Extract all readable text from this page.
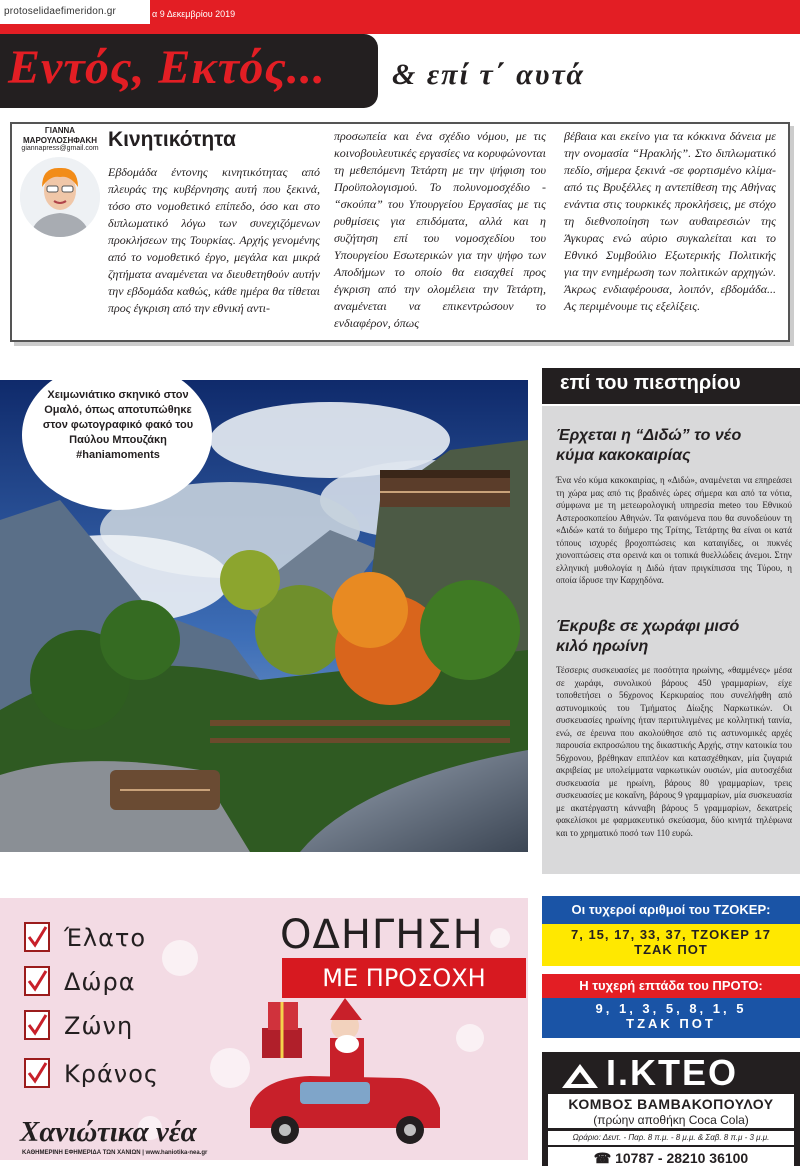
protoselidaefimeridon.gr	α 9 Δεκεμβρίου 2019
Εντός, Εκτός... & επί τ΄ αυτά
ΓΙΑΝΝΑ ΜΑΡΟΥΛΟΣΗΦΑΚΗ
giannapress@gmail.com Κινητικότητα

Εβδομάδα έντονης κινητικότητας από πλευράς της κυβέρνησης αυτή που ξεκινά, τόσο στο νομοθετικό επίπεδο, όσο και στο διπλωματικό λόγω των συνεχιζόμενων προκλήσεων της Τουρκίας. Αρχής γενομένης από το νομοθετικό έργο, μεγάλα και μικρά ζητήματα αναμένεται να διευθετηθούν αυτήν την εβδομάδα καθώς, κάθε ημέρα θα τίθεται προς έγκριση από την εθνική αντι-

προσωπεία και ένα σχέδιο νόμου, με τις κοινοβουλευτικές εργασίες να κορυφώνονται τη μεθεπόμενη Τετάρτη με την ψήφιση του Προϋπολογισμού. Το πολυνομοσχέδιο - “σκούπα” του Υπουργείου Εργασίας με τις ρυθμίσεις για επιδόματα, αλλά και η συζήτηση επί του νομοσχεδίου του Υπουργείου Εσωτερικών για την ψήφο των Αποδήμων το οποίο θα εισαχθεί προς έγκριση από την ολομέλεια την Τετάρτη, αναμένεται να επικεντρώσουν το ενδιαφέρον, όπως

βέβαια και εκείνο για τα κόκκινα δάνεια με την ονομασία “Ηρακλής”. Στο διπλωματικό πεδίο, σήμερα ξεκινά -σε φορτισμένο κλίμα- από τις Βρυξέλλες η αντεπίθεση της Αθήνας ενάντια στις τουρκικές προκλήσεις, με στόχο τη διεθνοποίηση των αυθαιρεσιών της Άγκυρας ενώ αύριο συγκαλείται και το Εθνικό Συμβούλιο Εξωτερικής Πολιτικής για την ενημέρωση των πολιτικών αρχηγών. Άκρως ενδιαφέρουσα, λοιπόν, εβδομάδα... Ας περιμένουμε τις εξελίξεις.

Χειμωνιάτικο σκηνικό στον Ομαλό, όπως αποτυπώθηκε στον φωτογραφικό φακό του Παύλου Μπουζάκη #haniamoments
επί του πιεστηρίου
Έρχεται η “Διδώ” το νέο κύμα κακοκαιρίας

Ένα νέο κύμα κακοκαιρίας, η «Διδώ», αναμένεται να επηρεάσει τη χώρα μας από τις βραδινές ώρες σήμερα και από τα νότια, σύμφωνα με τη μετεωρολογική υπηρεσία meteo του Εθνικού Αστεροσκοπείου Αθηνών. Τα φαινόμενα που θα συνοδεύουν τη «Διδώ» κατά το διήμερο της Τρίτης, Τετάρτης θα είναι οι κατά τόπους ισχυρές βροχοπτώσεις και καταιγίδες, οι πυκνές χιονοπτώσεις στα ορεινά και οι τοπικά θυελλώδεις άνεμοι. Στην ελληνική μυθολογία η Διδώ ήταν πριγκίπισσα της Τύρου, η οποία ίδρυσε την Καρχηδόνα.

Έκρυβε σε χωράφι μισό κιλό ηρωίνη

Τέσσερις συσκευασίες με ποσότητα ηρωίνης, «θαμμένες» μέσα σε χωράφι, συνολικού βάρους 450 γραμμαρίων, είχε τοποθετήσει ο 56χρονος Κερκυραίος που συνελήφθη από αστυνομικούς του Τμήματος Δίωξης Ναρκωτικών. Οι συσκευασίες ηρωίνης ήταν περιτυλιγμένες με κολλητική ταινία, ενώ, σε έρευνα που ακολούθησε από τις αστυνομικές αρχές παρουσία εκπροσώπου της δικαστικής Αρχής, στην κατοικία του 56χρονου, βρέθηκαν επιπλέον και κατασχέθηκαν, μία ζυγαριά ακριβείας με υπολείμματα ναρκωτικών ουσιών, μία αυτοσχέδια συσκευασία με ηρωίνη, βάρους 80 γραμμαρίων, τρεις συσκευασίες με κοκαΐνη, βάρους 9 γραμμαρίων, μία συσκευασία με ακατέργαστη κάνναβη βάρους 5 γραμμαρίων, δεκατρείς φακελίσκοι με φαρμακευτικό σκεύασμα, δύο κινητά τηλέφωνα και το χρηματικό ποσό των 110 ευρώ.

Έλατο
Δώρα
Ζώνη
Κράνος
ΟΔΗΓΗΣΗ
ΜΕ ΠΡΟΣΟΧΗ
Χανιώτικα νέα
ΚΑΘΗΜΕΡΙΝΗ ΕΦΗΜΕΡΙΔΑ ΤΩΝ ΧΑΝΙΩΝ | www.haniotika-nea.gr
Οι τυχεροί αριθμοί του ΤΖΟΚΕΡ:
7, 15, 17, 33, 37, ΤΖΟΚΕΡ 17
ΤΖΑΚ ΠΟΤ
Η τυχερή επτάδα του ΠΡΟΤΟ:
9, 1, 3, 5, 8, 1, 5
ΤΖΑΚ ΠΟΤ
Ι.ΚΤΕΟ
ΚΟΜΒΟΣ ΒΑΜΒΑΚΟΠΟΥΛΟΥ
(πρώην αποθήκη Coca Cola)
Ωράριο: Δευτ. - Παρ. 8 π.μ. - 8 μ.μ. & Σαβ. 8 π.μ - 3 μ.μ.
☎ 10787 - 28210 36100
